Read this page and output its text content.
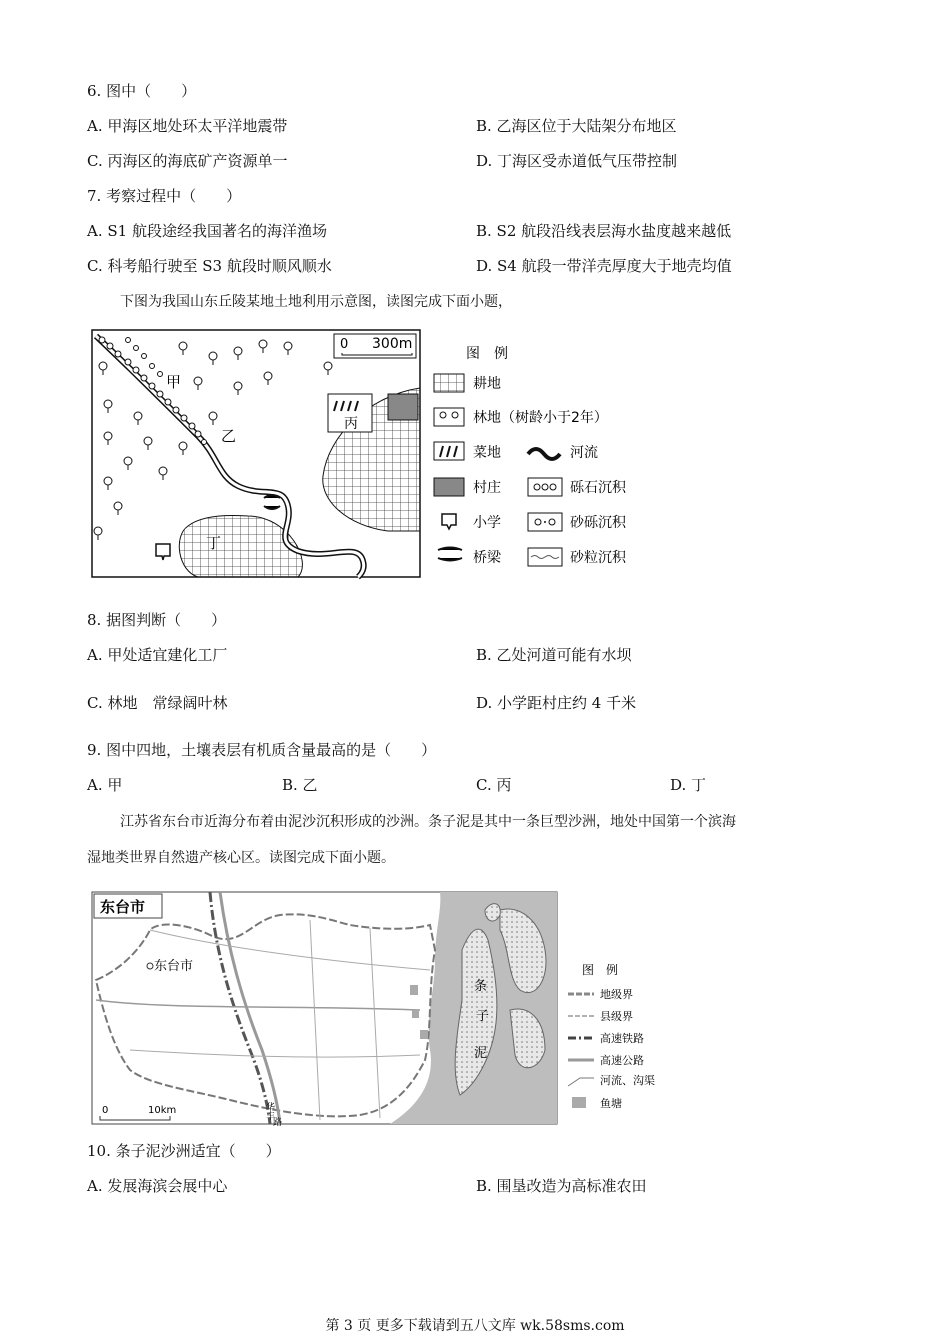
6. 图中（　　）
A. 甲海区地处环太平洋地震带	B. 乙海区位于大陆架分布地区
C. 丙海区的海底矿产资源单一	D. 丁海区受赤道低气压带控制
7. 考察过程中（　　）
A. S1 航段途经我国著名的海洋渔场	B. S2 航段沿线表层海水盐度越来越低
C. 科考船行驶至 S3 航段时顺风顺水	D. S4 航段一带洋壳厚度大于地壳均值
下图为我国山东丘陵某地土地利用示意图，读图完成下面小题，
0 300m
丙
甲
乙
丁
图　例
耕地
林地（树龄小于2年）
菜地
村庄
小学
桥梁
河流
砾石沉积
砂砾沉积
砂粒沉积
8. 据图判断（　　）
A. 甲处适宜建化工厂	B. 乙处河道可能有水坝
C. 林地　常绿阔叶林	D. 小学距村庄约 4 千米
9. 图中四地，土壤表层有机质含量最高的是（　　）
A. 甲	B. 乙	C. 丙	D. 丁
江苏省东台市近海分布着由泥沙沉积形成的沙洲。条子泥是其中一条巨型沙洲，地处中国第一个滨海
湿地类世界自然遗产核心区。读图完成下面小题。
东台市
东台市
条
子
泥
华
丰
路
0	10km
图　例
地级界
县级界
高速铁路
高速公路
河流、沟渠
鱼塘
10. 条子泥沙洲适宜（　　）
A. 发展海滨会展中心	B. 围垦改造为高标准农田
第 3 页 更多下载请到五八文库 wk.58sms.com
